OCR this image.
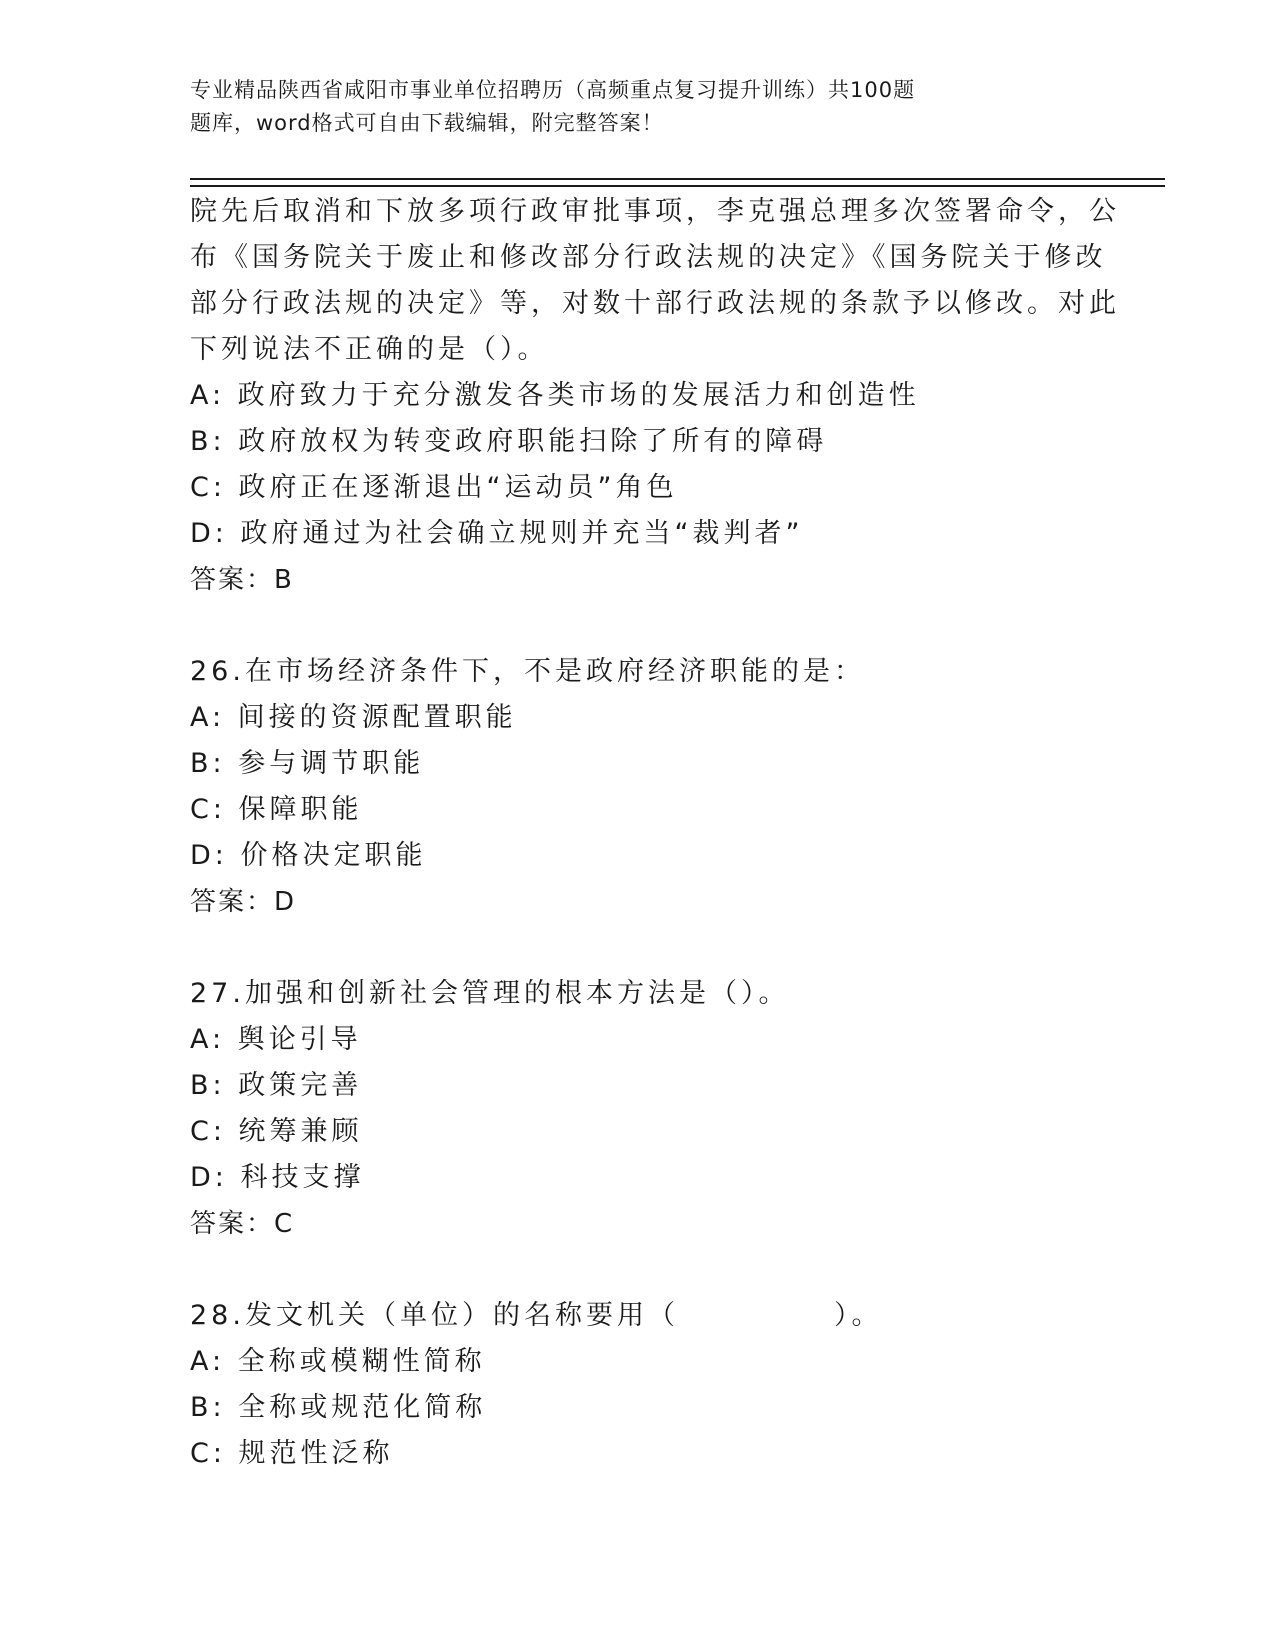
专业精品陕西省咸阳市事业单位招聘历（高频重点复习提升训练）共100题
题库，word格式可自由下载编辑，附完整答案！
院先后取消和下放多项行政审批事项，李克强总理多次签署命令，公
布《国务院关于废止和修改部分行政法规的决定》《国务院关于修改
部分行政法规的决定》等，对数十部行政法规的条款予以修改。对此
下列说法不正确的是（）。
A: 政府致力于充分激发各类市场的发展活力和创造性
B: 政府放权为转变政府职能扫除了所有的障碍
C: 政府正在逐渐退出“运动员”角色
D: 政府通过为社会确立规则并充当“裁判者”
答案：B
26.在市场经济条件下，不是政府经济职能的是：
A: 间接的资源配置职能
B: 参与调节职能
C: 保障职能
D: 价格决定职能
答案：D
27.加强和创新社会管理的根本方法是（）。
A: 舆论引导
B: 政策完善
C: 统筹兼顾
D: 科技支撑
答案：C
28.发文机关（单位）的名称要用（　　　　　）。
A: 全称或模糊性简称
B: 全称或规范化简称
C: 规范性泛称
